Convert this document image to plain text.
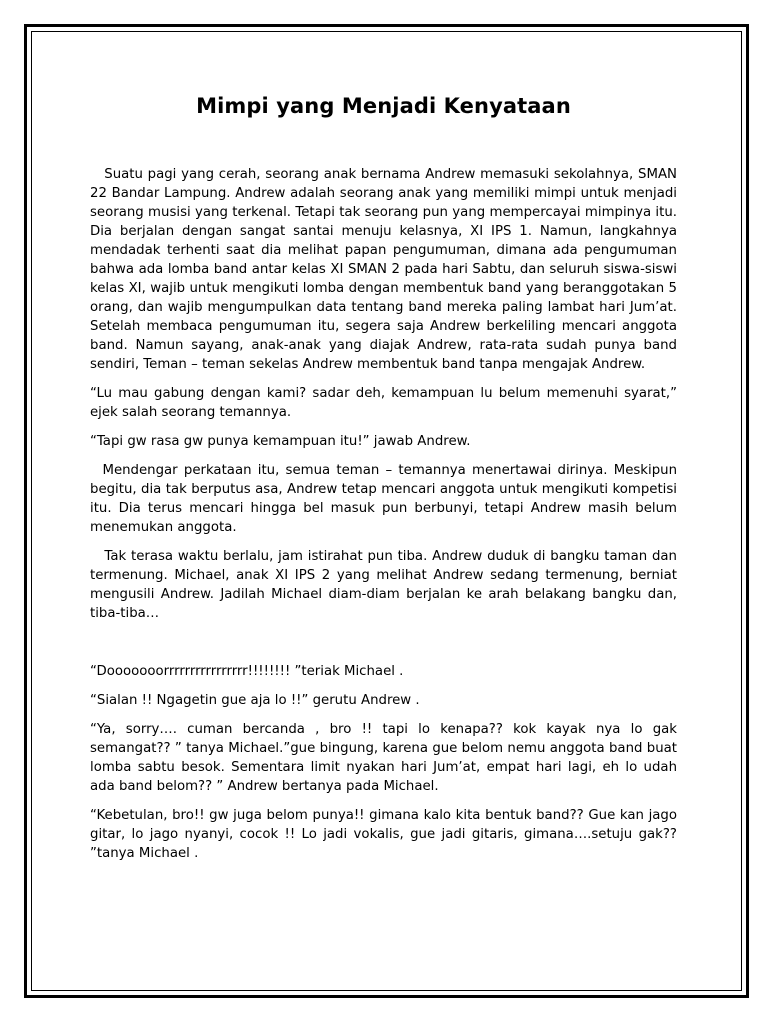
Mimpi yang Menjadi Kenyataan

Suatu pagi yang cerah, seorang anak bernama Andrew memasuki sekolahnya, SMAN 22 Bandar Lampung. Andrew adalah seorang anak yang memiliki mimpi untuk menjadi seorang musisi yang terkenal. Tetapi tak seorang pun yang mempercayai mimpinya itu. Dia berjalan dengan sangat santai menuju kelasnya, XI IPS 1. Namun, langkahnya mendadak terhenti saat dia melihat papan pengumuman, dimana ada pengumuman bahwa ada lomba band antar kelas XI SMAN 2 pada hari Sabtu, dan seluruh siswa-siswi kelas XI, wajib untuk mengikuti lomba dengan membentuk band yang beranggotakan 5 orang, dan wajib mengumpulkan data tentang band mereka paling lambat hari Jum’at. Setelah membaca pengumuman itu, segera saja Andrew berkeliling mencari anggota band. Namun sayang, anak-anak yang diajak Andrew, rata-rata sudah punya band sendiri, Teman – teman sekelas Andrew membentuk band tanpa mengajak Andrew.

“Lu mau gabung dengan kami? sadar deh, kemampuan lu belum memenuhi syarat,” ejek salah seorang temannya.

“Tapi gw rasa gw punya kemampuan itu!” jawab Andrew.

Mendengar perkataan itu, semua teman – temannya menertawai dirinya. Meskipun begitu, dia tak berputus asa, Andrew tetap mencari anggota untuk mengikuti kompetisi itu. Dia terus mencari hingga bel masuk pun berbunyi, tetapi Andrew masih belum menemukan anggota.

Tak terasa waktu berlalu, jam istirahat pun tiba. Andrew duduk di bangku taman dan termenung. Michael, anak XI IPS 2 yang melihat Andrew sedang termenung, berniat mengusili Andrew. Jadilah Michael diam-diam berjalan ke arah belakang bangku dan, tiba-tiba…

“Dooooooorrrrrrrrrrrrrrrr!!!!!!!! ”teriak Michael .

“Sialan !! Ngagetin gue aja lo !!” gerutu Andrew .

“Ya, sorry…. cuman bercanda , bro !! tapi lo kenapa?? kok kayak nya lo gak semangat?? ” tanya Michael.”gue bingung, karena gue belom nemu anggota band buat lomba sabtu besok. Sementara limit nyakan hari Jum’at, empat hari lagi, eh lo udah ada band belom?? ” Andrew bertanya pada Michael.

“Kebetulan, bro!! gw juga belom punya!! gimana kalo kita bentuk band?? Gue kan jago gitar, lo jago nyanyi, cocok !! Lo jadi vokalis, gue jadi gitaris, gimana….setuju gak?? ”tanya Michael .
